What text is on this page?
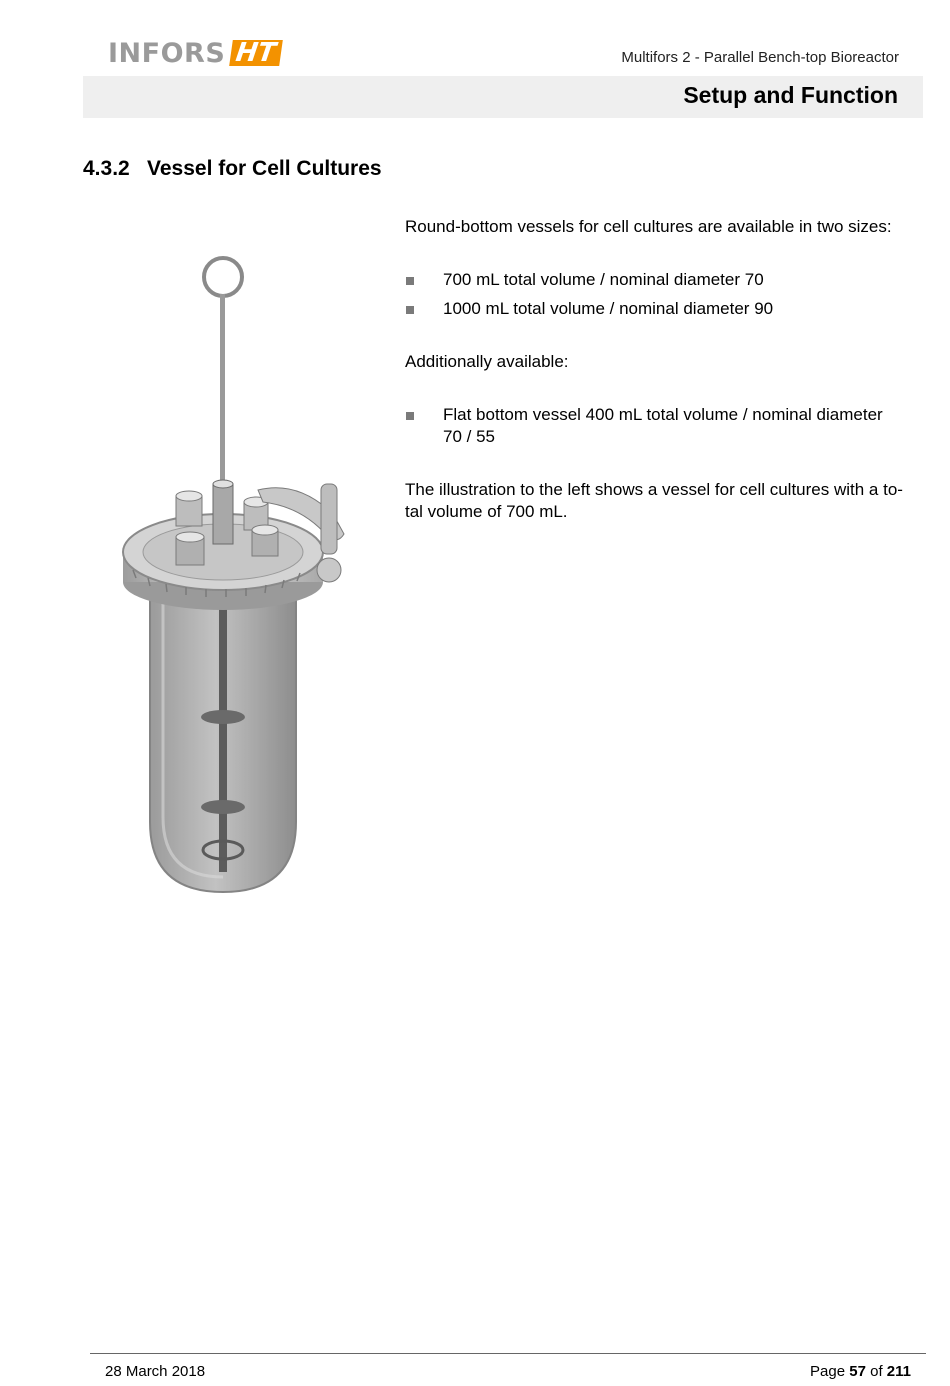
INFORS HT	Multifors 2 - Parallel Bench-top Bioreactor
Setup and Function
4.3.2 Vessel for Cell Cultures

Round-bottom vessels for cell cultures are available in two sizes:

700 mL total volume / nominal diameter 70
1000 mL total volume / nominal diameter 90

Additionally available:

Flat bottom vessel 400 mL total volume / nominal diameter 70 / 55

The illustration to the left shows a vessel for cell cultures with a to-
tal volume of 700 mL.

28 March 2018	Page 57 of 211
